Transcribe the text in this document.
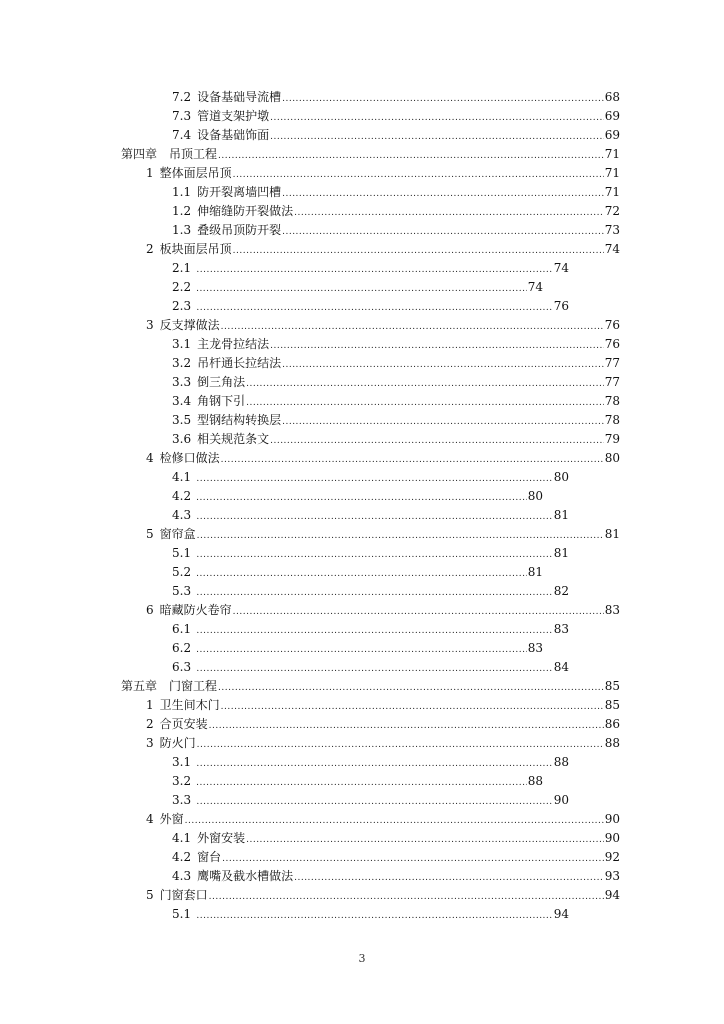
7.2 设备基础导流槽 .....	68
7.3 管道支架护墩 .....	69
7.4 设备基础饰面 .....	69
第四章 吊顶工程 .....	71
1 整体面层吊顶 .....	71
1.1 防开裂离墙凹槽 .....	71
1.2 伸缩缝防开裂做法 .....	72
1.3 叠级吊顶防开裂 .....	73
2 板块面层吊顶 .....	74
2.1 .....	74
2.2 .....	74
2.3 .....	76
3 反支撑做法 .....	76
3.1 主龙骨拉结法 .....	76
3.2 吊杆通长拉结法 .....	77
3.3 倒三角法 .....	77
3.4 角钢下引 .....	78
3.5 型钢结构转换层 .....	78
3.6 相关规范条文 .....	79
4 检修口做法 .....	80
4.1 .....	80
4.2 .....	80
4.3 .....	81
5 窗帘盒 .....	81
5.1 .....	81
5.2 .....	81
5.3 .....	82
6 暗藏防火卷帘 .....	83
6.1 .....	83
6.2 .....	83
6.3 .....	84
第五章 门窗工程 .....	85
1 卫生间木门 .....	85
2 合页安装 .....	86
3 防火门 .....	88
3.1 .....	88
3.2 .....	88
3.3 .....	90
4 外窗 .....	90
4.1 外窗安装 .....	90
4.2 窗台 .....	92
4.3 鹰嘴及截水槽做法 .....	93
5 门窗套口 .....	94
5.1 .....	94
3
